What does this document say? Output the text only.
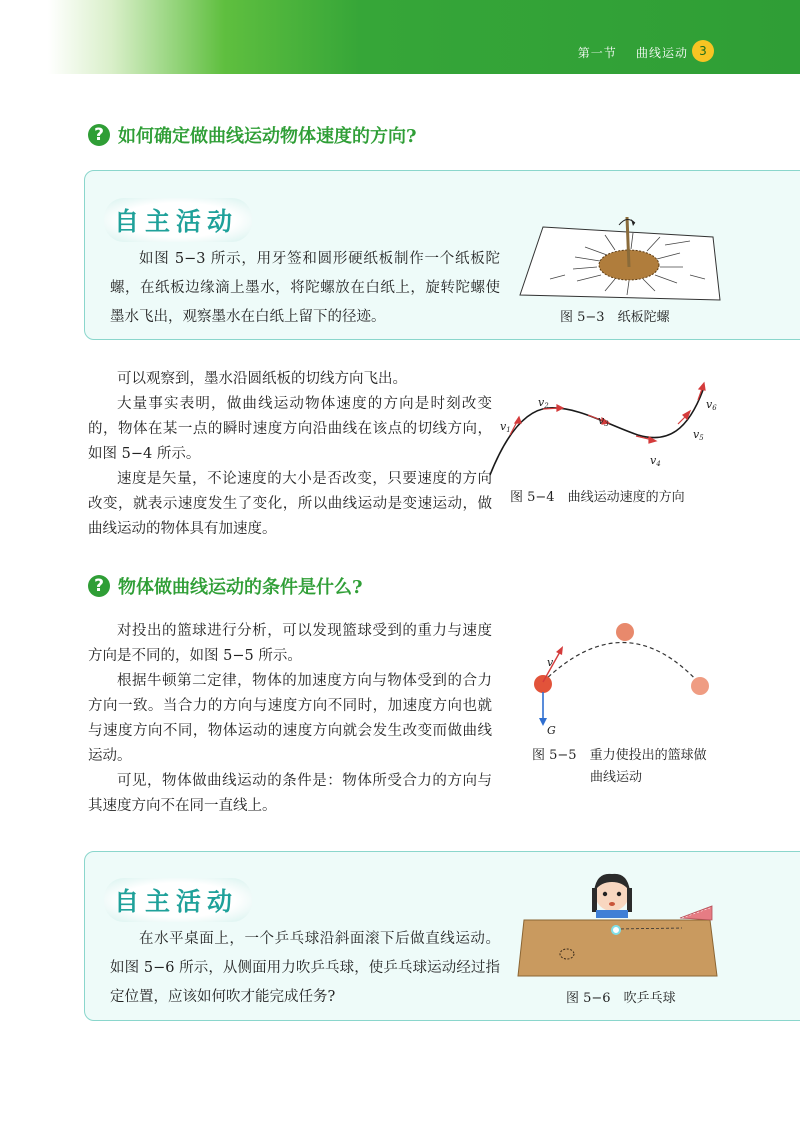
第一节 曲线运动 3
? 如何确定做曲线运动物体速度的方向?
自主活动
如图 5−3 所示，用牙签和圆形硬纸板制作一个纸板陀螺，在纸板边缘滴上墨水，将陀螺放在白纸上，旋转陀螺使墨水飞出，观察墨水在白纸上留下的径迹。	图 5−3　纸板陀螺

可以观察到，墨水沿圆纸板的切线方向飞出。

大量事实表明，做曲线运动物体速度的方向是时刻改变的，物体在某一点的瞬时速度方向沿曲线在该点的切线方向，如图 5−4 所示。

速度是矢量，不论速度的大小是否改变，只要速度的方向改变，就表示速度发生了变化，所以曲线运动是变速运动，做曲线运动的物体具有加速度。

v1
v2
v3
v4
v5
v6
图 5−4　曲线运动速度的方向
? 物体做曲线运动的条件是什么?

对投出的篮球进行分析，可以发现篮球受到的重力与速度方向是不同的，如图 5−5 所示。

根据牛顿第二定律，物体的加速度方向与物体受到的合力方向一致。当合力的方向与速度方向不同时，加速度方向也就与速度方向不同，物体运动的速度方向就会发生改变而做曲线运动。

可见，物体做曲线运动的条件是：物体所受合力的方向与其速度方向不在同一直线上。

v
G
图 5−5　重力使投出的篮球做
曲线运动
自主活动
在水平桌面上，一个乒乓球沿斜面滚下后做直线运动。如图 5−6 所示，从侧面用力吹乒乓球，使乒乓球运动经过指定位置，应该如何吹才能完成任务?	图 5−6　吹乒乓球
